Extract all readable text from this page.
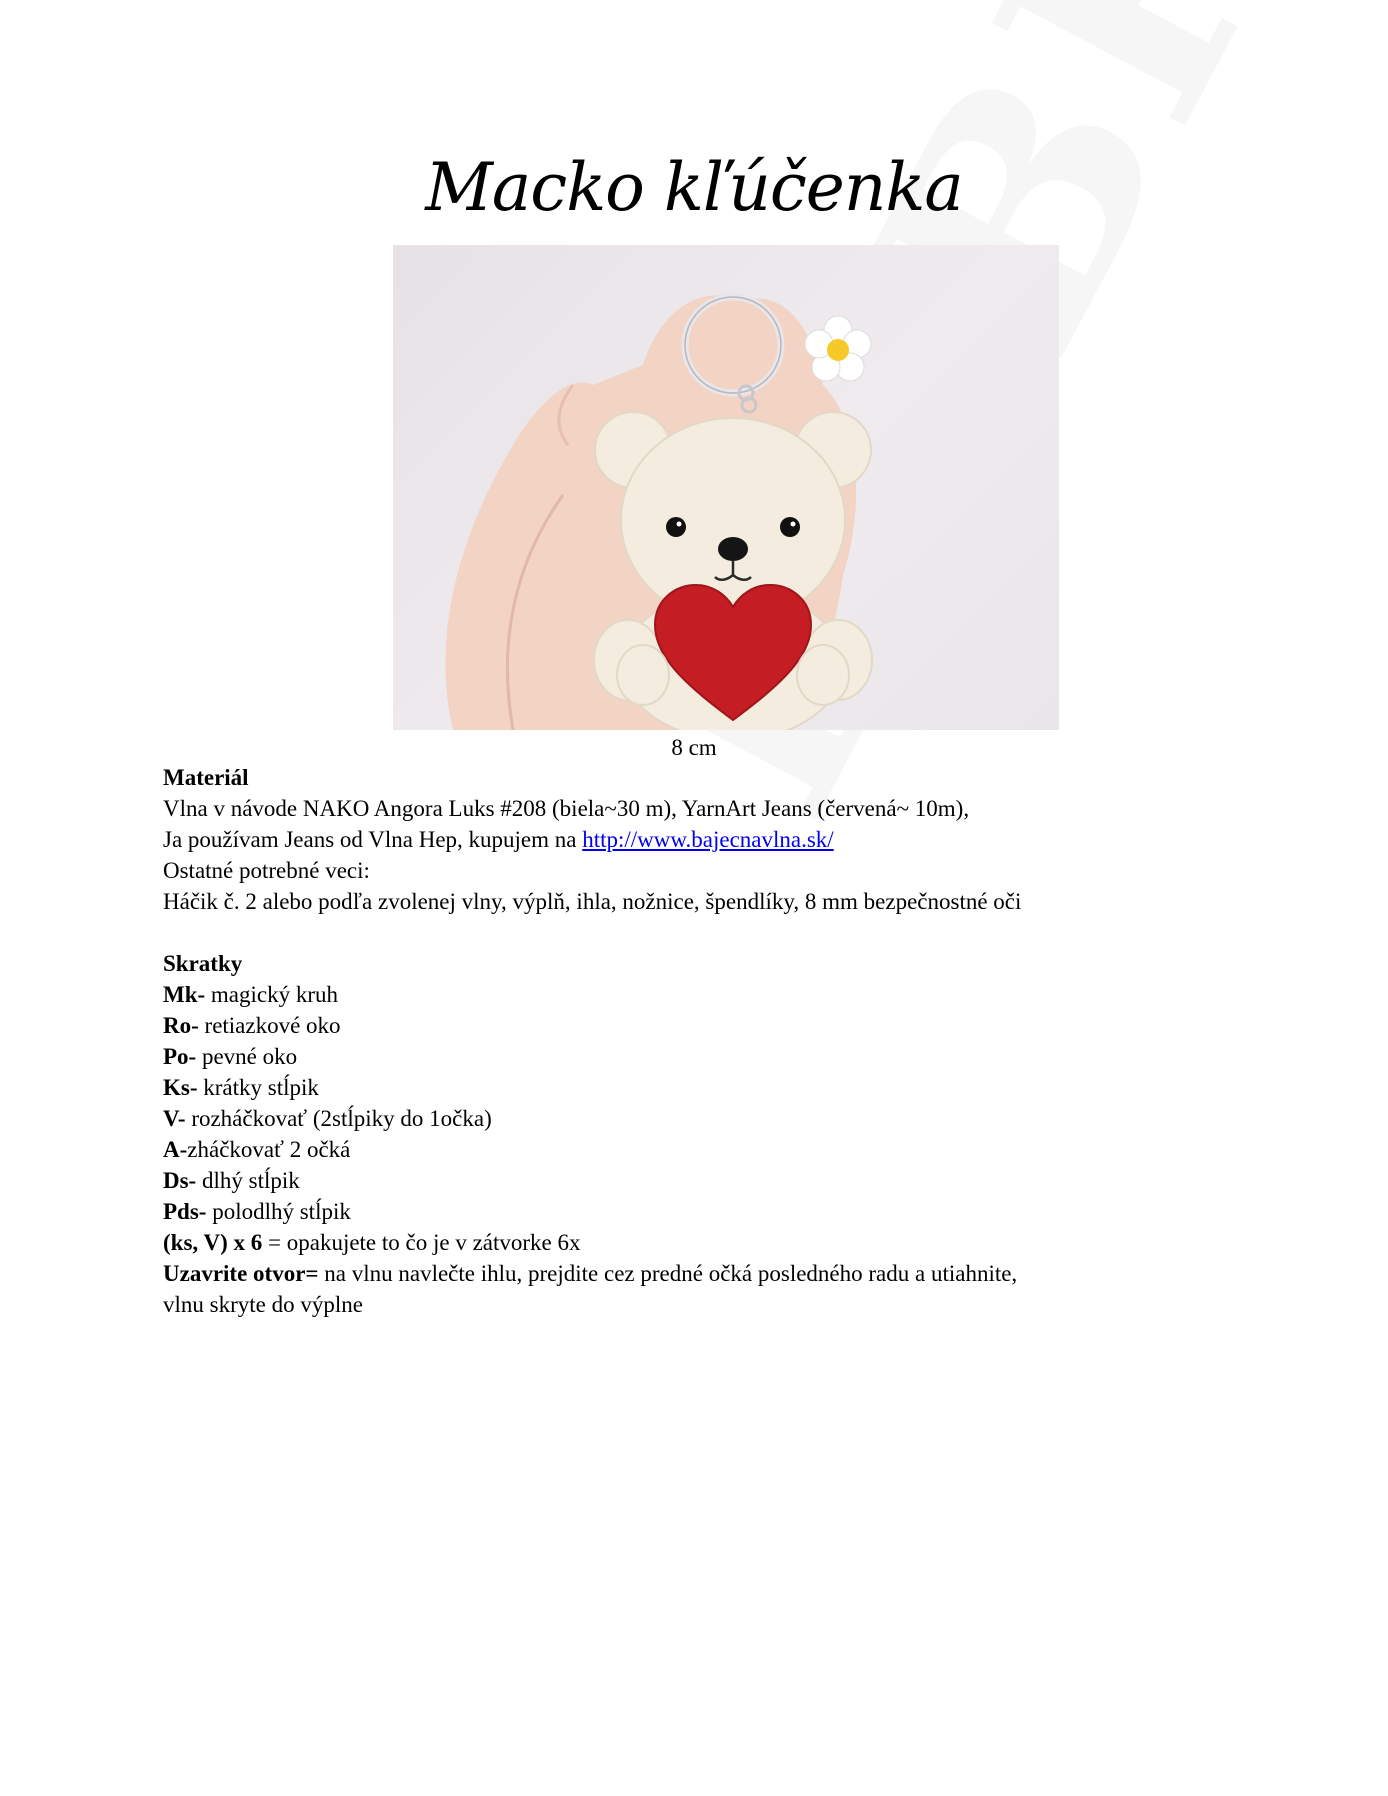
Macko kľúčenka
8 cm

Materiál

Vlna v návode NAKO Angora Luks #208 (biela~30 m), YarnArt Jeans (červená~ 10m),

Ja používam Jeans od Vlna Hep, kupujem na http://www.bajecnavlna.sk/

Ostatné potrebné veci:

Háčik č. 2 alebo podľa zvolenej vlny, výplň, ihla, nožnice, špendlíky, 8 mm bezpečnostné oči

Skratky

Mk- magický kruh

Ro- retiazkové oko

Po- pevné oko

Ks- krátky stĺpik

V- rozháčkovať (2stĺpiky do 1očka)

A-zháčkovať 2 očká

Ds- dlhý stĺpik

Pds- polodlhý stĺpik

(ks, V) x 6 = opakujete to čo je v zátvorke 6x

Uzavrite otvor= na vlnu navlečte ihlu, prejdite cez predné očká posledného radu a utiahnite,

vlnu skryte do výplne
